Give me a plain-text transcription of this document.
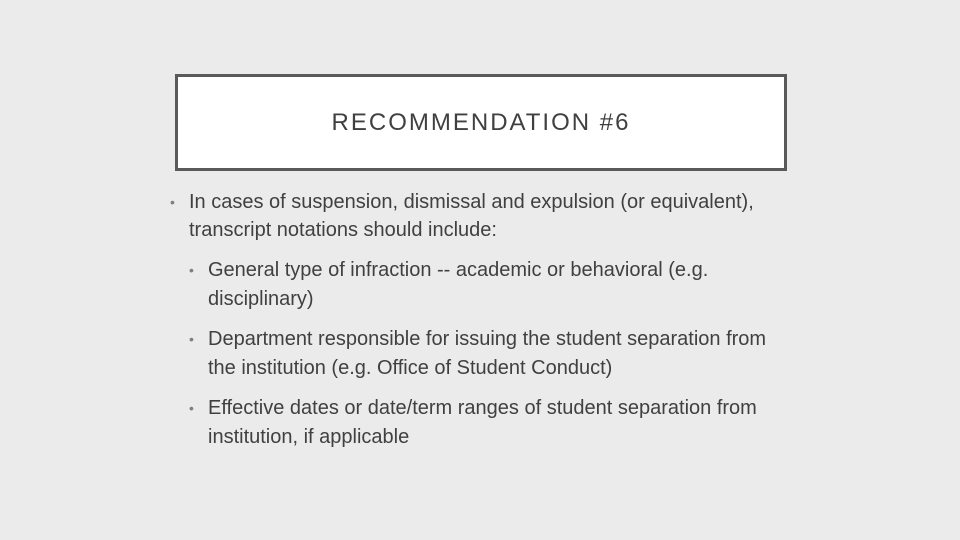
RECOMMENDATION #6
• In cases of suspension, dismissal and expulsion (or equivalent), transcript notations should include:
• General type of infraction -- academic or behavioral (e.g. disciplinary)
• Department responsible for issuing the student separation from the institution (e.g. Office of Student Conduct)
• Effective dates or date/term ranges of student separation from institution, if applicable
